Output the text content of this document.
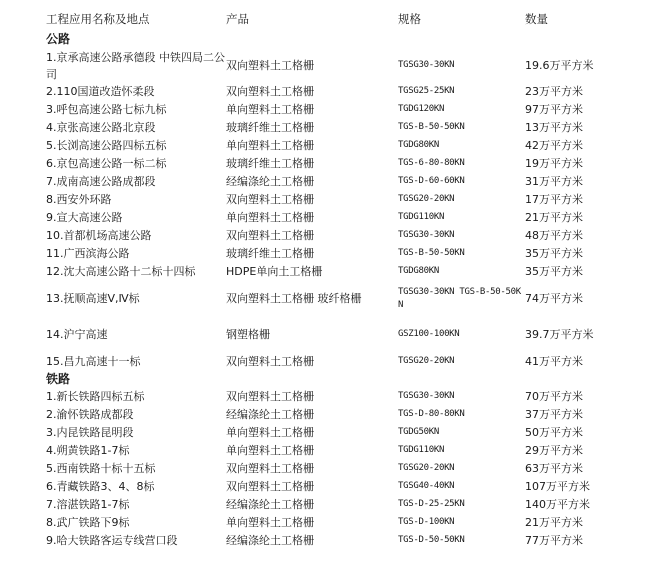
工程应用名称及地点	产品	规格	数量
公路			
1.京承高速公路承德段 中铁四局二公司	双向塑料土工格栅	TGSG30-30KN	19.6万平方米
2.110国道改造怀柔段	双向塑料土工格栅	TGSG25-25KN	23万平方米
3.呼包高速公路七标九标	单向塑料土工格栅	TGDG120KN	97万平方米
4.京张高速公路北京段	玻璃纤维土工格栅	TGS-B-50-50KN	13万平方米
5.长浏高速公路四标五标	单向塑料土工格栅	TGDG80KN	42万平方米
6.京包高速公路一标二标	玻璃纤维土工格栅	TGS-6-80-80KN	19万平方米
7.成南高速公路成都段	经编涤纶土工格栅	TGS-D-60-60KN	31万平方米
8.西安外环路	双向塑料土工格栅	TGSG20-20KN	17万平方米
9.宣大高速公路	单向塑料土工格栅	TGDG110KN	21万平方米
10.首都机场高速公路	双向塑料土工格栅	TGSG30-30KN	48万平方米
11.广西滨海公路	玻璃纤维土工格栅	TGS-B-50-50KN	35万平方米
12.沈大高速公路十二标十四标	HDPE单向土工格栅	TGDG80KN	35万平方米
13.抚顺高速Ⅴ,Ⅳ标	双向塑料土工格栅 玻纤格栅	TGSG30-30KN TGS-B-50-50KN	74万平方米
14.沪宁高速	钢塑格栅	GSZ100-100KN	39.7万平方米
15.昌九高速十一标	双向塑料土工格栅	TGSG20-20KN	41万平方米
铁路			
1.新长铁路四标五标	双向塑料土工格栅	TGSG30-30KN	70万平方米
2.渝怀铁路成都段	经编涤纶土工格栅	TGS-D-80-80KN	37万平方米
3.内昆铁路昆明段	单向塑料土工格栅	TGDG50KN	50万平方米
4.朔黄铁路1-7标	单向塑料土工格栅	TGDG110KN	29万平方米
5.西南铁路十标十五标	双向塑料土工格栅	TGSG20-20KN	63万平方米
6.青藏铁路3、4、8标	双向塑料土工格栅	TGSG40-40KN	107万平方米
7.溶湛铁路1-7标	经编涤纶土工格栅	TGS-D-25-25KN	140万平方米
8.武广铁路下9标	单向塑料土工格栅	TGS-D-100KN	21万平方米
9.哈大铁路客运专线营口段	经编涤纶土工格栅	TGS-D-50-50KN	77万平方米
